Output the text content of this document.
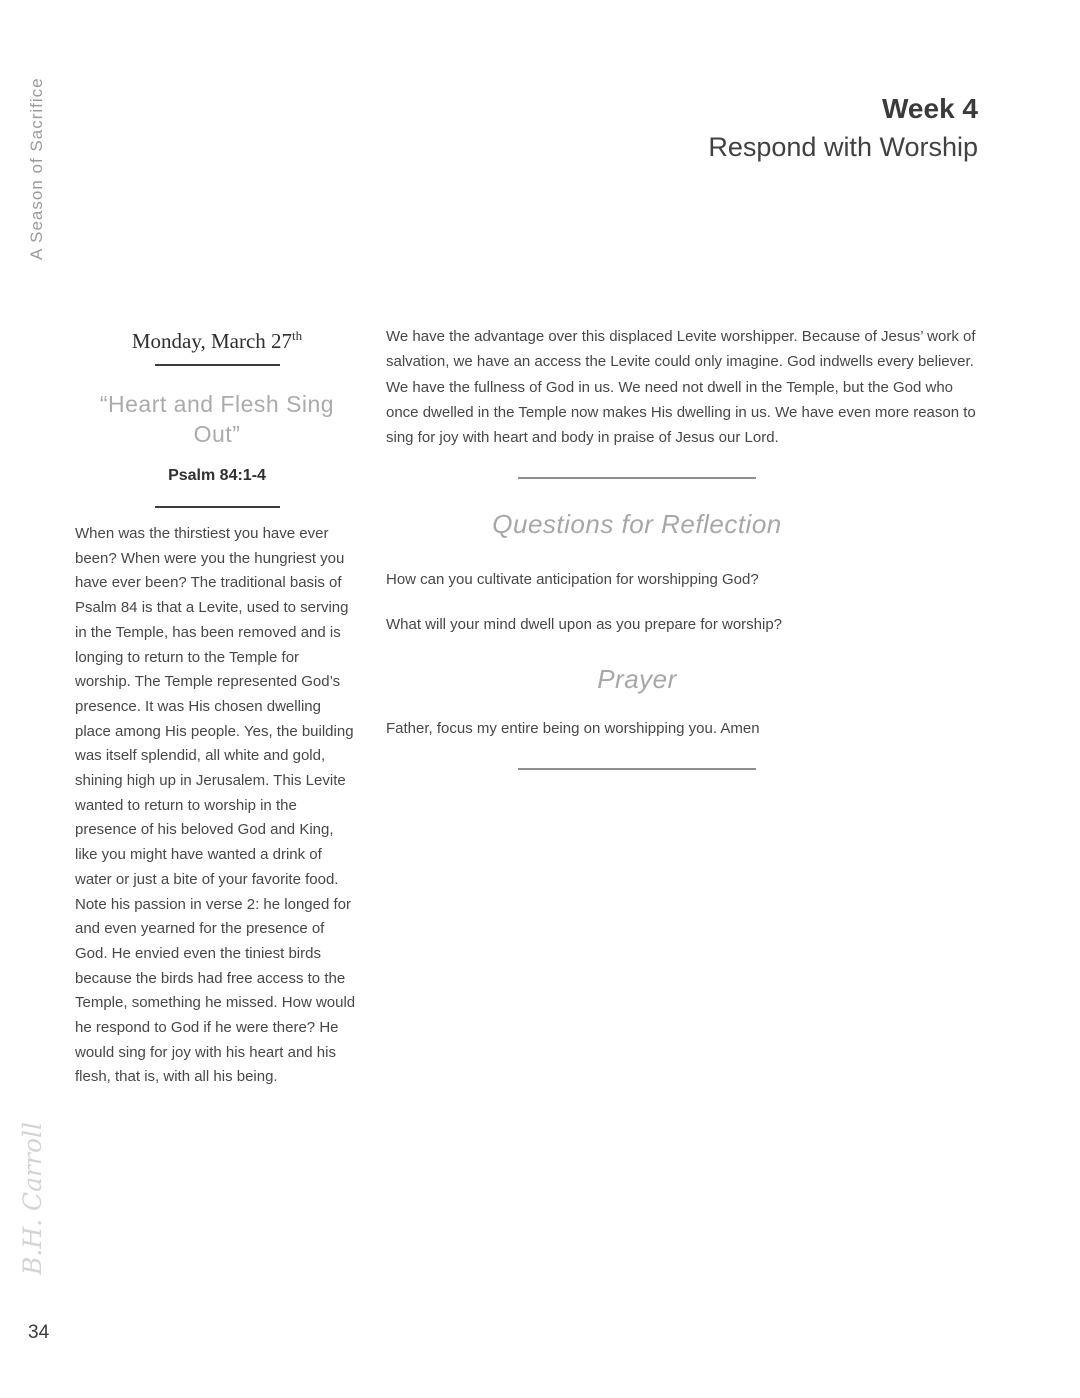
A Season of Sacrifice	Week 4
Respond with Worship
Monday, March 27th
“Heart and Flesh Sing Out”
Psalm 84:1-4

When was the thirstiest you have ever been? When were you the hungriest you have ever been? The traditional basis of Psalm 84 is that a Levite, used to serving in the Temple, has been removed and is longing to return to the Temple for worship. The Temple represented God’s presence. It was His chosen dwelling place among His people. Yes, the building was itself splendid, all white and gold, shining high up in Jerusalem. This Levite wanted to return to worship in the presence of his beloved God and King, like you might have wanted a drink of water or just a bite of your favorite food. Note his passion in verse 2: he longed for and even yearned for the presence of God. He envied even the tiniest birds because the birds had free access to the Temple, something he missed. How would he respond to God if he were there? He would sing for joy with his heart and his flesh, that is, with all his being.

We have the advantage over this displaced Levite worshipper. Because of Jesus’ work of salvation, we have an access the Levite could only imagine. God indwells every believer. We have the fullness of God in us. We need not dwell in the Temple, but the God who once dwelled in the Temple now makes His dwelling in us. We have even more reason to sing for joy with heart and body in praise of Jesus our Lord.

Questions for Reflection

How can you cultivate anticipation for worshipping God?

What will your mind dwell upon as you prepare for worship?

Prayer

Father, focus my entire being on worshipping you. Amen

B.H. Carroll
34
